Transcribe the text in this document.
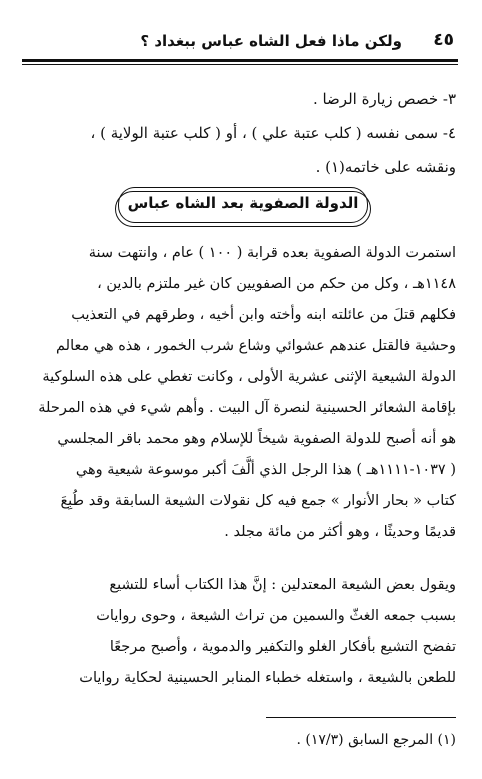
ولكن ماذا فعل الشاه عباس ببغداد ؟ ٤٥

٣- خصص زيارة الرضا .

٤- سمى نفسه ( كلب عتبة علي ) ، أو ( كلب عتبة الولاية ) ،

ونقشه على خاتمه(١) .

الدولة الصفوية بعد الشاه عباس

استمرت الدولة الصفوية بعده قرابة ( ١٠٠ ) عام ، وانتهت سنة

١١٤٨هـ ، وكل من حكم من الصفويين كان غير ملتزم بالدين ،

فكلهم قتلَ من عائلته ابنه وأخته وابن أخيه ، وطرقهم في التعذيب

وحشية فالقتل عندهم عشوائي وشاع شرب الخمور ، هذه هي معالم

الدولة الشيعية الإثنى عشرية الأولى ، وكانت تغطي على هذه السلوكية

بإقامة الشعائر الحسينية لنصرة آل البيت . وأهم شيء في هذه المرحلة

هو أنه أصبح للدولة الصفوية شيخاً للإسلام وهو محمد باقر المجلسي

( ١٠٣٧-١١١١هـ ) هذا الرجل الذي ألَّفَ أكبر موسوعة شيعية وهي

كتاب « بحار الأنوار » جمع فيه كل نقولات الشيعة السابقة وقد طُبِعَ

قديمًا وحديثًا ، وهو أكثر من مائة مجلد .

ويقول بعض الشيعة المعتدلين : إنَّ هذا الكتاب أساء للتشيع

بسبب جمعه الغثّ والسمين من تراث الشيعة ، وحوى روايات

تفضح التشيع بأفكار الغلو والتكفير والدموية ، وأصبح مرجعًا

للطعن بالشيعة ، واستغله خطباء المنابر الحسينية لحكاية روايات

(١) المرجع السابق (١٧/٣) .
